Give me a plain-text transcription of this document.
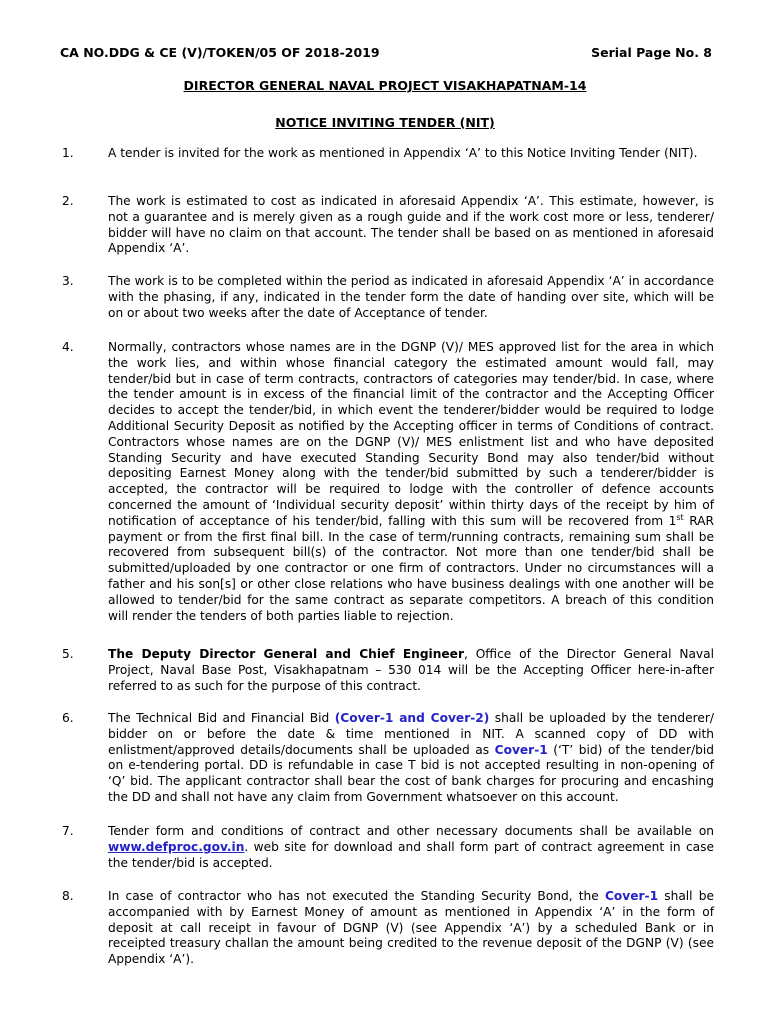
CA NO.DDG & CE (V)/TOKEN/05 OF 2018-2019	Serial Page No. 8
DIRECTOR GENERAL NAVAL PROJECT VISAKHAPATNAM-14
NOTICE INVITING TENDER (NIT)
1.	A tender is invited for the work as mentioned in Appendix ‘A’ to this Notice Inviting Tender (NIT).
2.	The work is estimated to cost as indicated in aforesaid Appendix ‘A’. This estimate, however, is not a guarantee and is merely given as a rough guide and if the work cost more or less, tenderer/ bidder will have no claim on that account. The tender shall be based on as mentioned in aforesaid Appendix ‘A’.
3.	The work is to be completed within the period as indicated in aforesaid Appendix ‘A’ in accordance with the phasing, if any, indicated in the tender form the date of handing over site, which will be on or about two weeks after the date of Acceptance of tender.
4.	Normally, contractors whose names are in the DGNP (V)/ MES approved list for the area in which the work lies, and within whose financial category the estimated amount would fall, may tender/bid but in case of term contracts, contractors of categories may tender/bid. In case, where the tender amount is in excess of the financial limit of the contractor and the Accepting Officer decides to accept the tender/bid, in which event the tenderer/bidder would be required to lodge Additional Security Deposit as notified by the Accepting officer in terms of Conditions of contract. Contractors whose names are on the DGNP (V)/ MES enlistment list and who have deposited Standing Security and have executed Standing Security Bond may also tender/bid without depositing Earnest Money along with the tender/bid submitted by such a tenderer/bidder is accepted, the contractor will be required to lodge with the controller of defence accounts concerned the amount of ‘Individual security deposit’ within thirty days of the receipt by him of notification of acceptance of his tender/bid, falling with this sum will be recovered from 1st RAR payment or from the first final bill. In the case of term/running contracts, remaining sum shall be recovered from subsequent bill(s) of the contractor. Not more than one tender/bid shall be submitted/uploaded by one contractor or one firm of contractors. Under no circumstances will a father and his son[s] or other close relations who have business dealings with one another will be allowed to tender/bid for the same contract as separate competitors. A breach of this condition will render the tenders of both parties liable to rejection.
5.	The Deputy Director General and Chief Engineer, Office of the Director General Naval Project, Naval Base Post, Visakhapatnam – 530 014 will be the Accepting Officer here-in-after referred to as such for the purpose of this contract.
6.	The Technical Bid and Financial Bid (Cover-1 and Cover-2) shall be uploaded by the tenderer/ bidder on or before the date & time mentioned in NIT. A scanned copy of DD with enlistment/approved details/documents shall be uploaded as Cover-1 (‘T’ bid) of the tender/bid on e-tendering portal. DD is refundable in case T bid is not accepted resulting in non-opening of ‘Q’ bid. The applicant contractor shall bear the cost of bank charges for procuring and encashing the DD and shall not have any claim from Government whatsoever on this account.
7.	Tender form and conditions of contract and other necessary documents shall be available on www.defproc.gov.in. web site for download and shall form part of contract agreement in case the tender/bid is accepted.
8.	In case of contractor who has not executed the Standing Security Bond, the Cover-1 shall be accompanied with by Earnest Money of amount as mentioned in Appendix ‘A’ in the form of deposit at call receipt in favour of DGNP (V) (see Appendix ‘A’) by a scheduled Bank or in receipted treasury challan the amount being credited to the revenue deposit of the DGNP (V) (see Appendix ‘A’).
